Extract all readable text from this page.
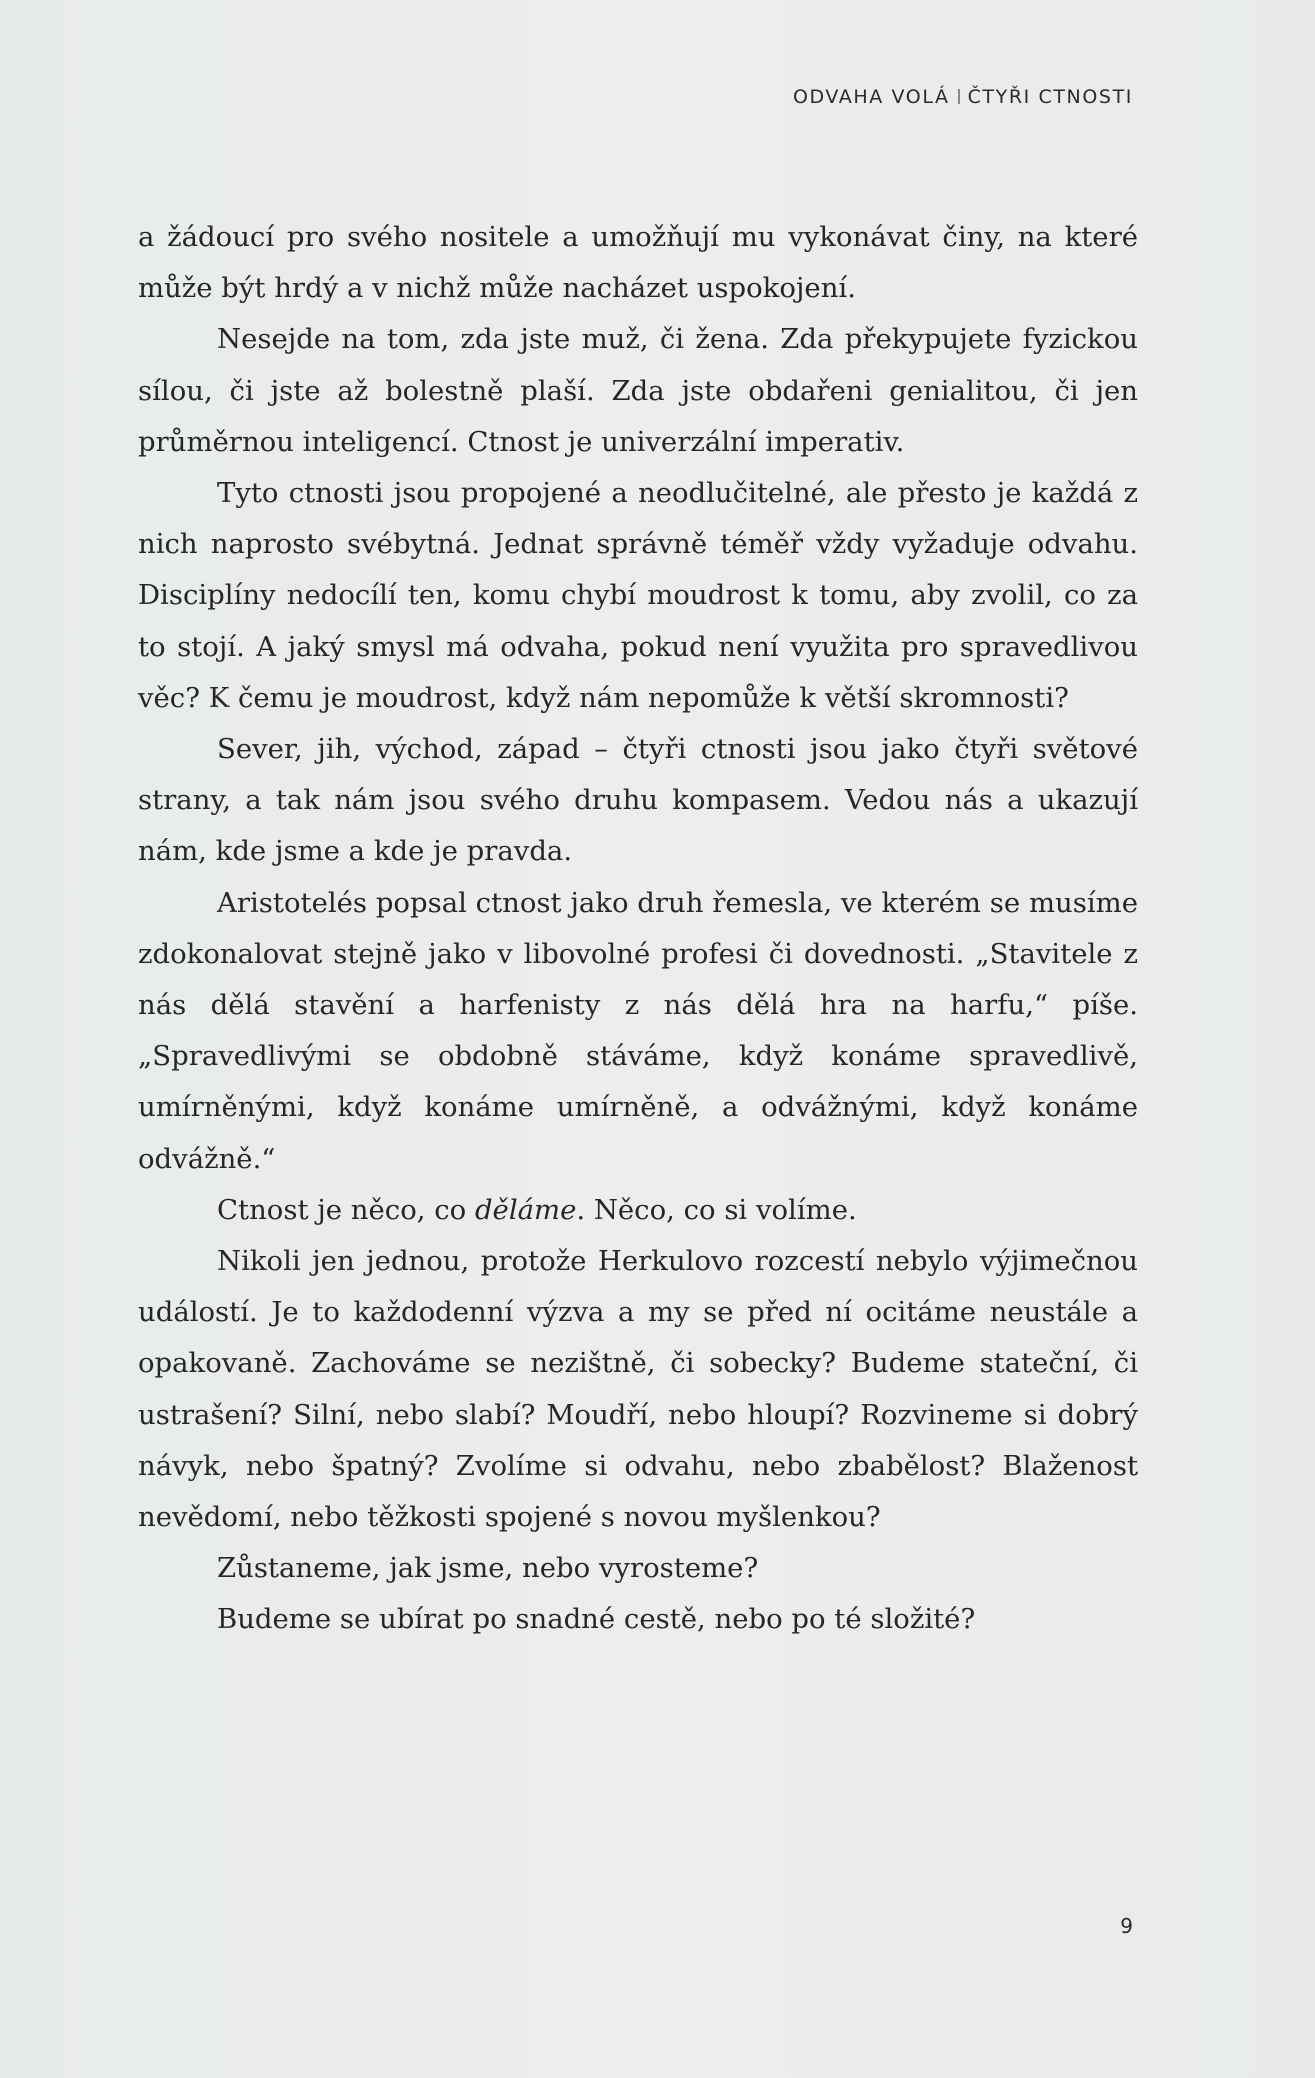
ODVAHA VOLÁ ČTYŘI CTNOSTI

a žádoucí pro svého nositele a umožňují mu vykonávat činy, na které může být hrdý a v nichž může nacházet uspokojení.

Nesejde na tom, zda jste muž, či žena. Zda překypujete fyzickou sílou, či jste až bolestně plaší. Zda jste obdařeni genialitou, či jen průměrnou inteligencí. Ctnost je univerzální imperativ.

Tyto ctnosti jsou propojené a neodlučitelné, ale přesto je každá z nich naprosto svébytná. Jednat správně téměř vždy vyžaduje odvahu. Disciplíny nedocílí ten, komu chybí moudrost k tomu, aby zvolil, co za to stojí. A jaký smysl má odvaha, pokud není využita pro spravedlivou věc? K čemu je moudrost, když nám nepomůže k větší skromnosti?

Sever, jih, východ, západ – čtyři ctnosti jsou jako čtyři světové strany, a tak nám jsou svého druhu kompasem. Vedou nás a ukazují nám, kde jsme a kde je pravda.

Aristotelés popsal ctnost jako druh řemesla, ve kterém se musíme zdokonalovat stejně jako v libovolné profesi či dovednosti. „Stavitele z nás dělá stavění a harfenisty z nás dělá hra na harfu,“ píše. „Spravedlivými se obdobně stáváme, když konáme spravedlivě, umírněnými, když konáme umírněně, a odvážnými, když konáme odvážně.“

Ctnost je něco, co děláme. Něco, co si volíme.

Nikoli jen jednou, protože Herkulovo rozcestí nebylo výjimečnou událostí. Je to každodenní výzva a my se před ní ocitáme neustále a opakovaně. Zachováme se nezištně, či sobecky? Budeme stateční, či ustrašení? Silní, nebo slabí? Moudří, nebo hloupí? Rozvineme si dobrý návyk, nebo špatný? Zvolíme si odvahu, nebo zbabělost? Blaženost nevědomí, nebo těžkosti spojené s novou myšlenkou?

Zůstaneme, jak jsme, nebo vyrosteme?

Budeme se ubírat po snadné cestě, nebo po té složité?

9
